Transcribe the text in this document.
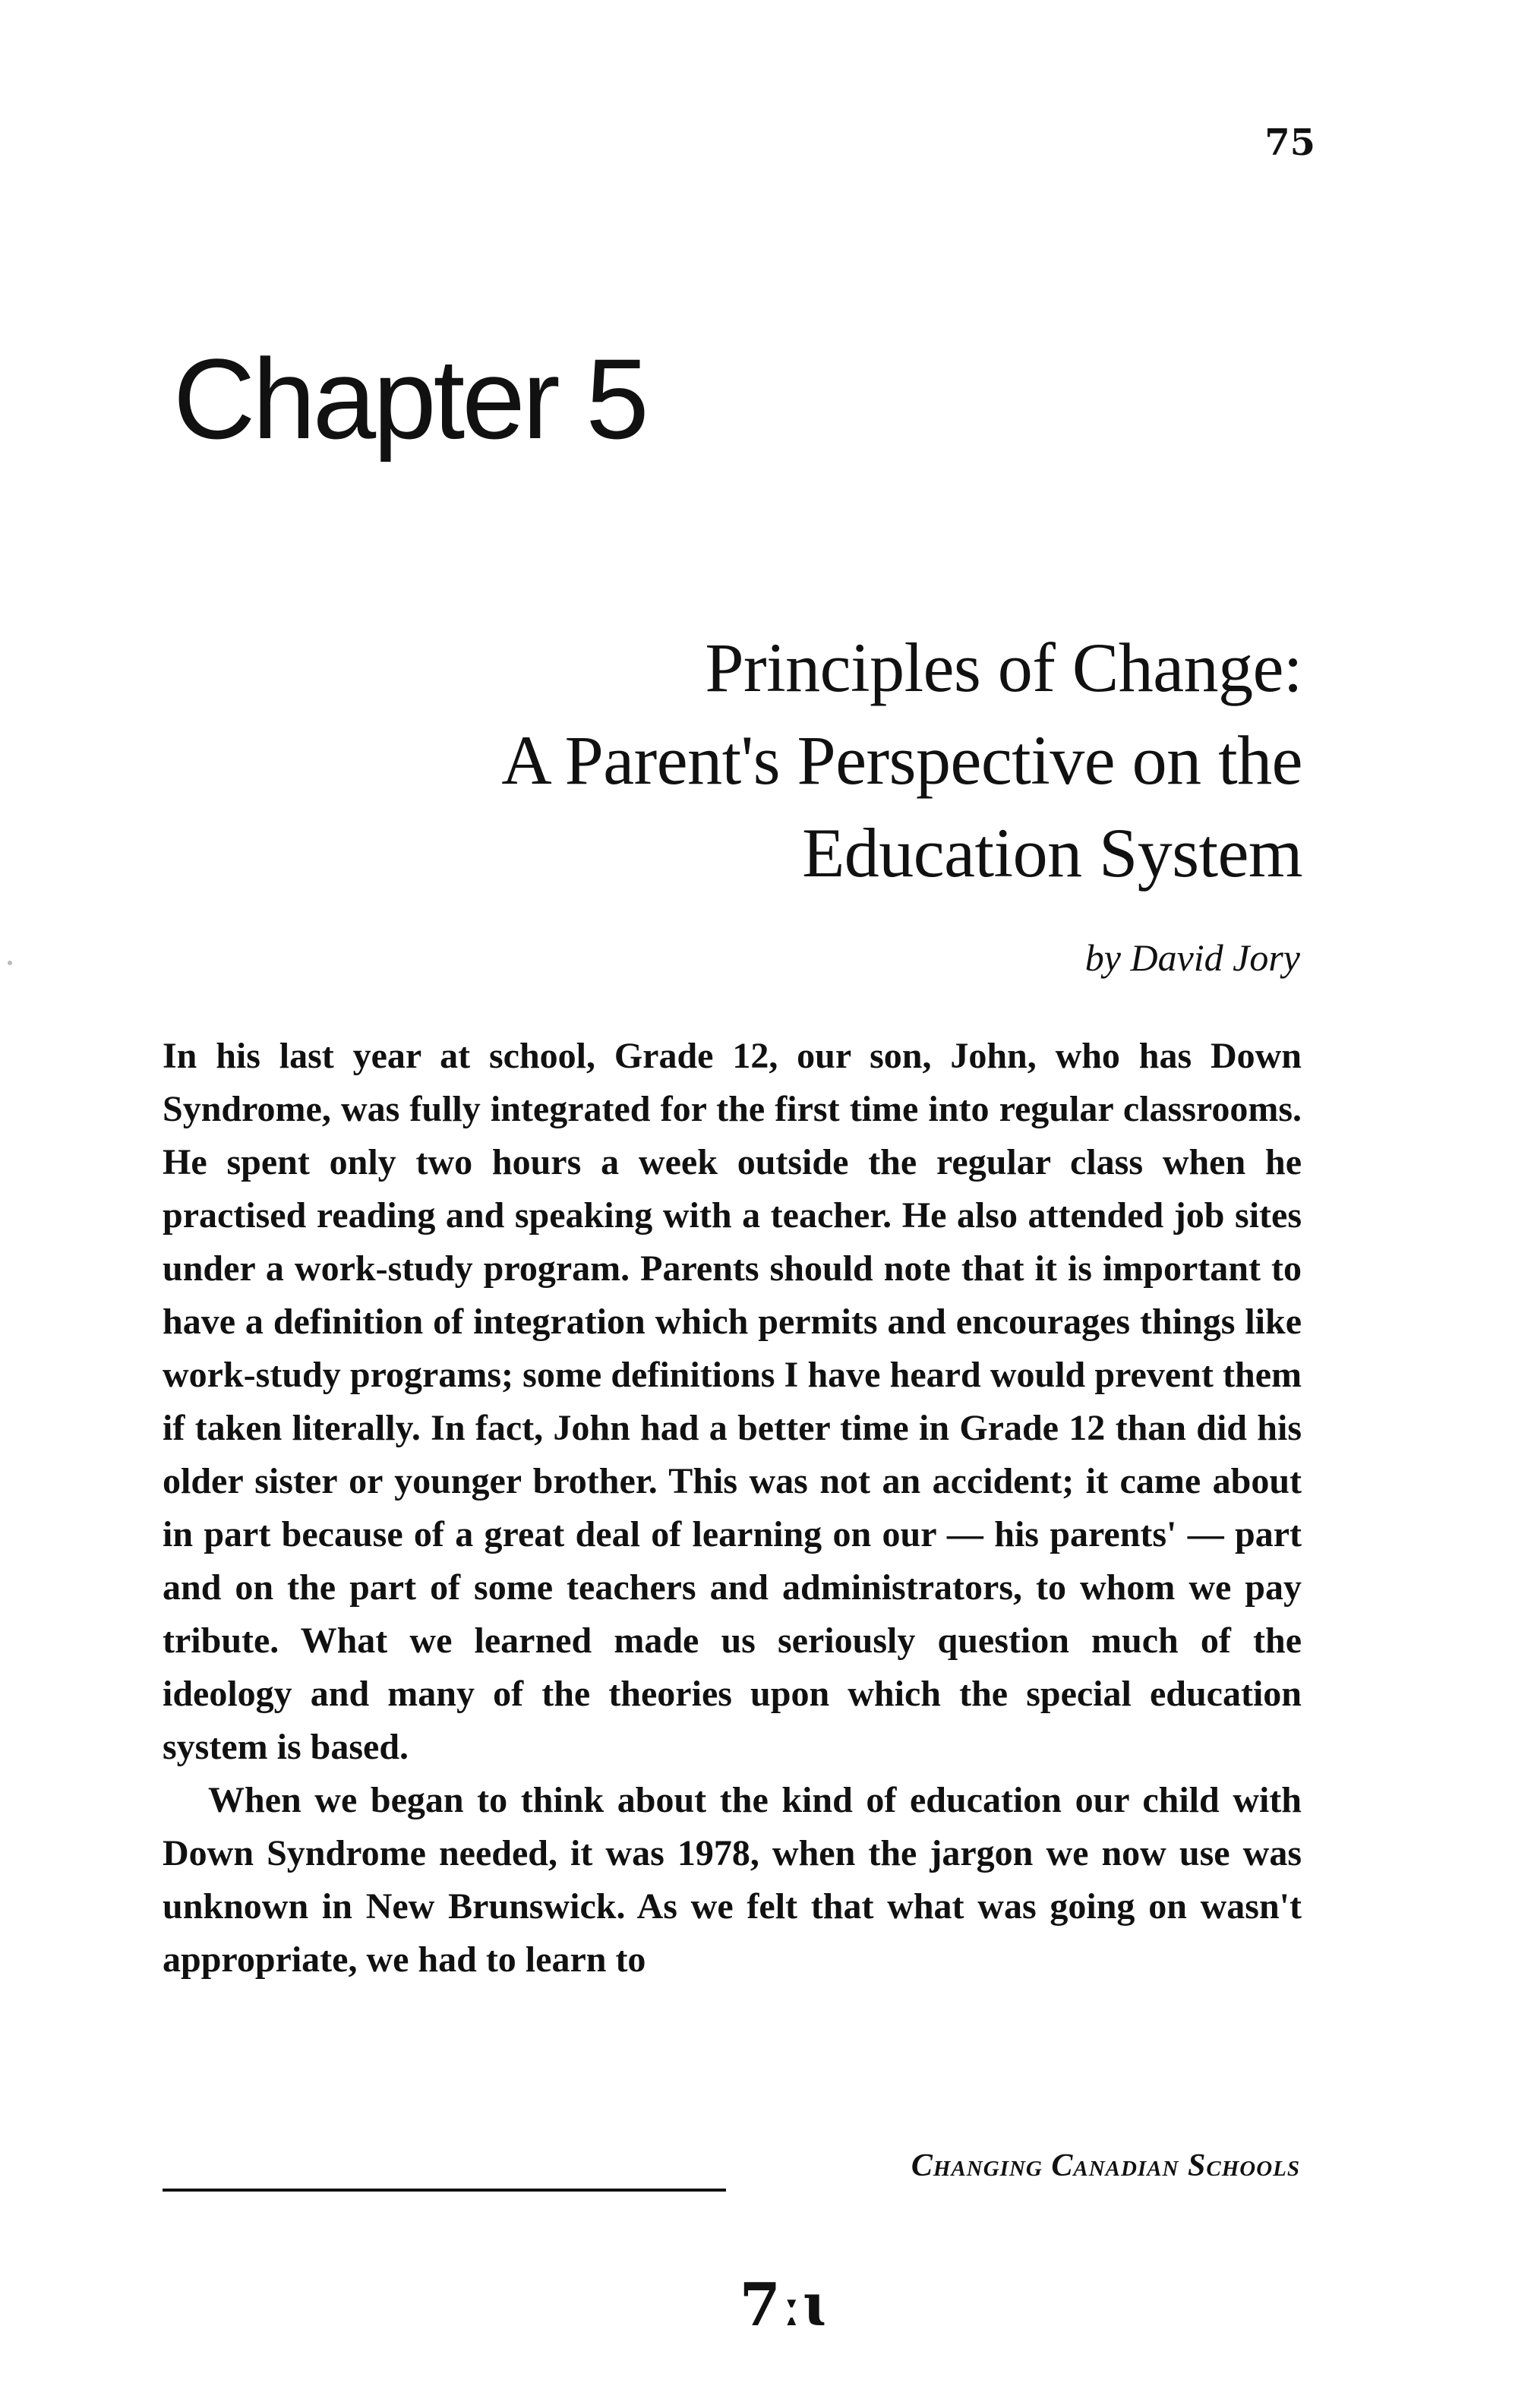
75
Chapter 5
Principles of Change:
A Parent's Perspective on the
Education System
by David Jory

In his last year at school, Grade 12, our son, John, who has Down Syndrome, was fully integrated for the first time into regular classrooms. He spent only two hours a week outside the regular class when he practised reading and speaking with a teacher. He also attended job sites under a work-study program. Parents should note that it is important to have a definition of integration which permits and encourages things like work-study programs; some definitions I have heard would prevent them if taken literally. In fact, John had a better time in Grade 12 than did his older sister or younger brother. This was not an accident; it came about in part because of a great deal of learning on our — his parents' — part and on the part of some teachers and administrators, to whom we pay tribute. What we learned made us seriously question much of the ideology and many of the theories upon which the special education system is based.

When we began to think about the kind of education our child with Down Syndrome needed, it was 1978, when the jargon we now use was unknown in New Brunswick. As we felt that what was going on wasn't appropriate, we had to learn to

Changing Canadian Schools
7ːɩ
